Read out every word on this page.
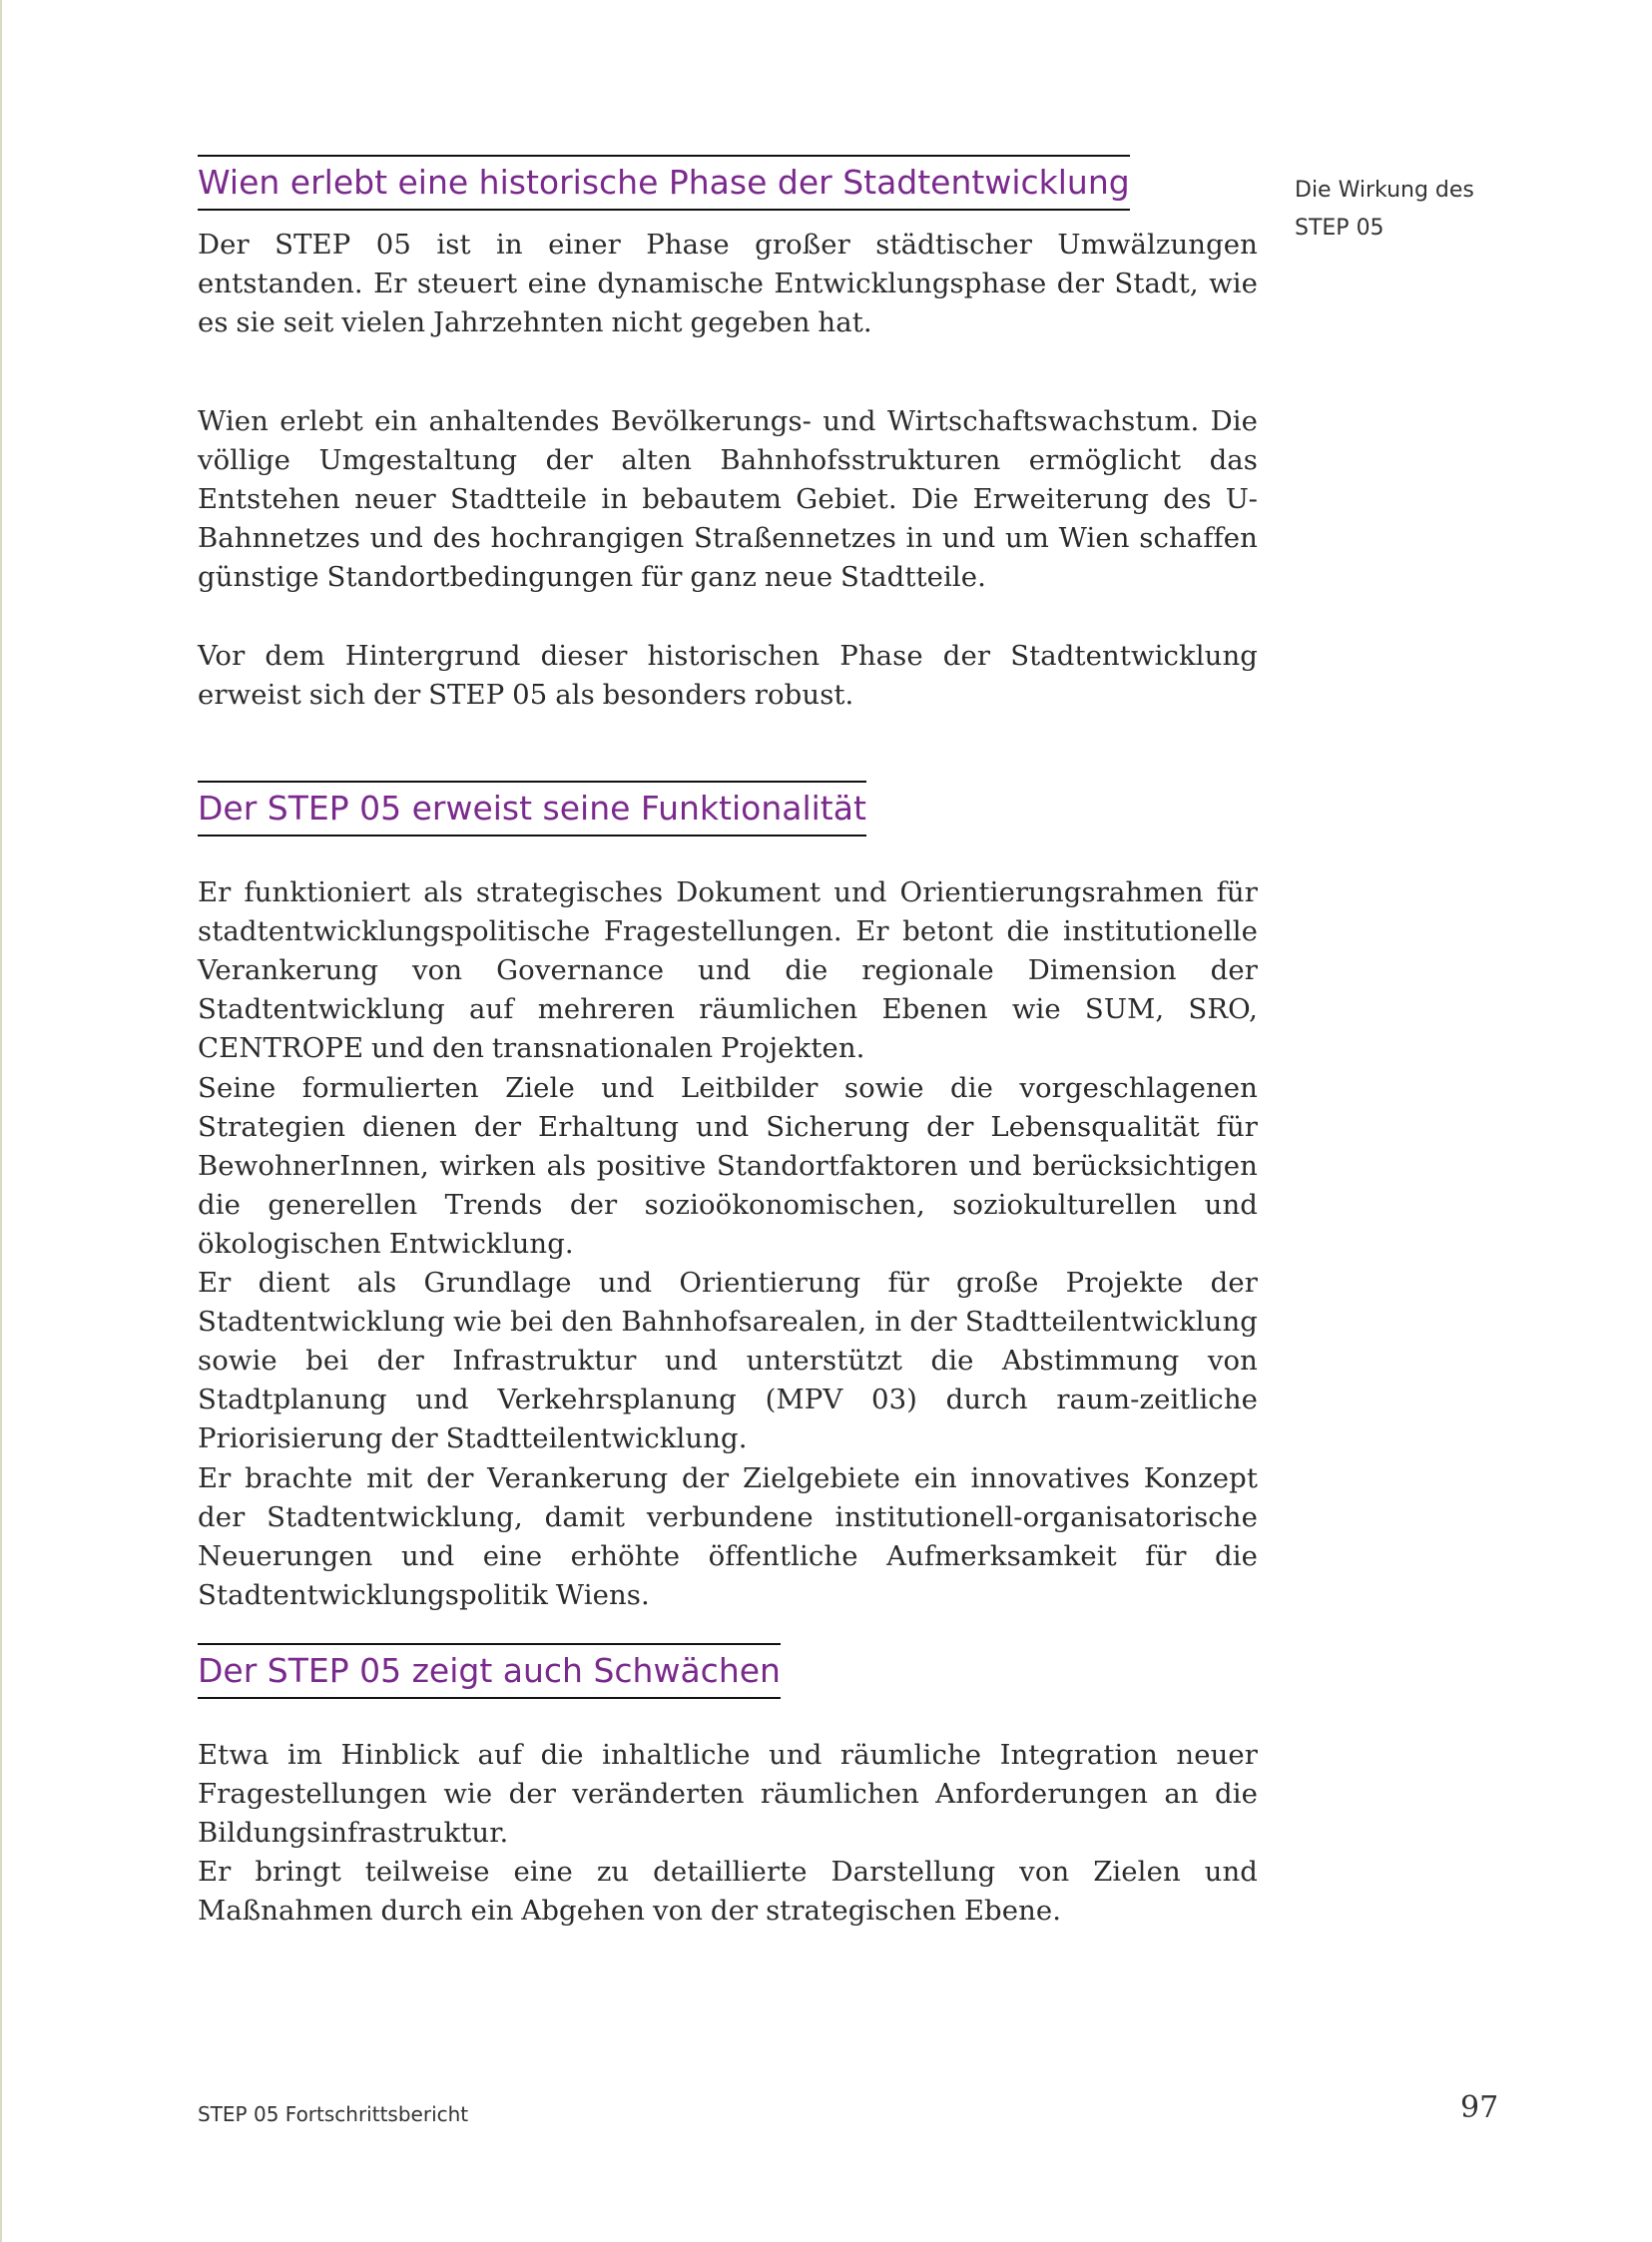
Die Wirkung des
STEP 05
Wien erlebt eine historische Phase der Stadtentwicklung

Der STEP 05 ist in einer Phase großer städtischer Umwälzungen entstanden. Er steuert eine dynamische Entwicklungsphase der Stadt, wie es sie seit vielen Jahrzehnten nicht gegeben hat.

Wien erlebt ein anhaltendes Bevölkerungs- und Wirtschaftswachstum. Die völlige Umgestaltung der alten Bahnhofsstrukturen ermöglicht das Entstehen neuer Stadtteile in bebautem Gebiet. Die Erweiterung des U-Bahnnetzes und des hochrangigen Straßennetzes in und um Wien schaffen günstige Standortbedingungen für ganz neue Stadtteile.

Vor dem Hintergrund dieser historischen Phase der Stadtentwicklung erweist sich der STEP 05 als besonders robust.

Der STEP 05 erweist seine Funktionalität

Er funktioniert als strategisches Dokument und Orientierungsrahmen für stadtentwicklungspolitische Fragestellungen. Er betont die institutionelle Verankerung von Governance und die regionale Dimension der Stadtentwicklung auf mehreren räumlichen Ebenen wie SUM, SRO, CENTROPE und den transnationalen Projekten.

Seine formulierten Ziele und Leitbilder sowie die vorgeschlagenen Strategien dienen der Erhaltung und Sicherung der Lebensqualität für BewohnerInnen, wirken als positive Standortfaktoren und berücksichtigen die generellen Trends der sozioökonomischen, soziokulturellen und ökologischen Entwicklung.

Er dient als Grundlage und Orientierung für große Projekte der Stadtentwicklung wie bei den Bahnhofsarealen, in der Stadtteilentwicklung sowie bei der Infrastruktur und unterstützt die Abstimmung von Stadtplanung und Verkehrsplanung (MPV 03) durch raum-zeitliche Priorisierung der Stadtteilentwicklung.

Er brachte mit der Verankerung der Zielgebiete ein innovatives Konzept der Stadtentwicklung, damit verbundene institutionell-organisatorische Neuerungen und eine erhöhte öffentliche Aufmerksamkeit für die Stadtentwicklungspolitik Wiens.

Der STEP 05 zeigt auch Schwächen

Etwa im Hinblick auf die inhaltliche und räumliche Integration neuer Fragestellungen wie der veränderten räumlichen Anforderungen an die Bildungsinfrastruktur.

Er bringt teilweise eine zu detaillierte Darstellung von Zielen und Maßnahmen durch ein Abgehen von der strategischen Ebene.

STEP 05 Fortschrittsbericht	97
